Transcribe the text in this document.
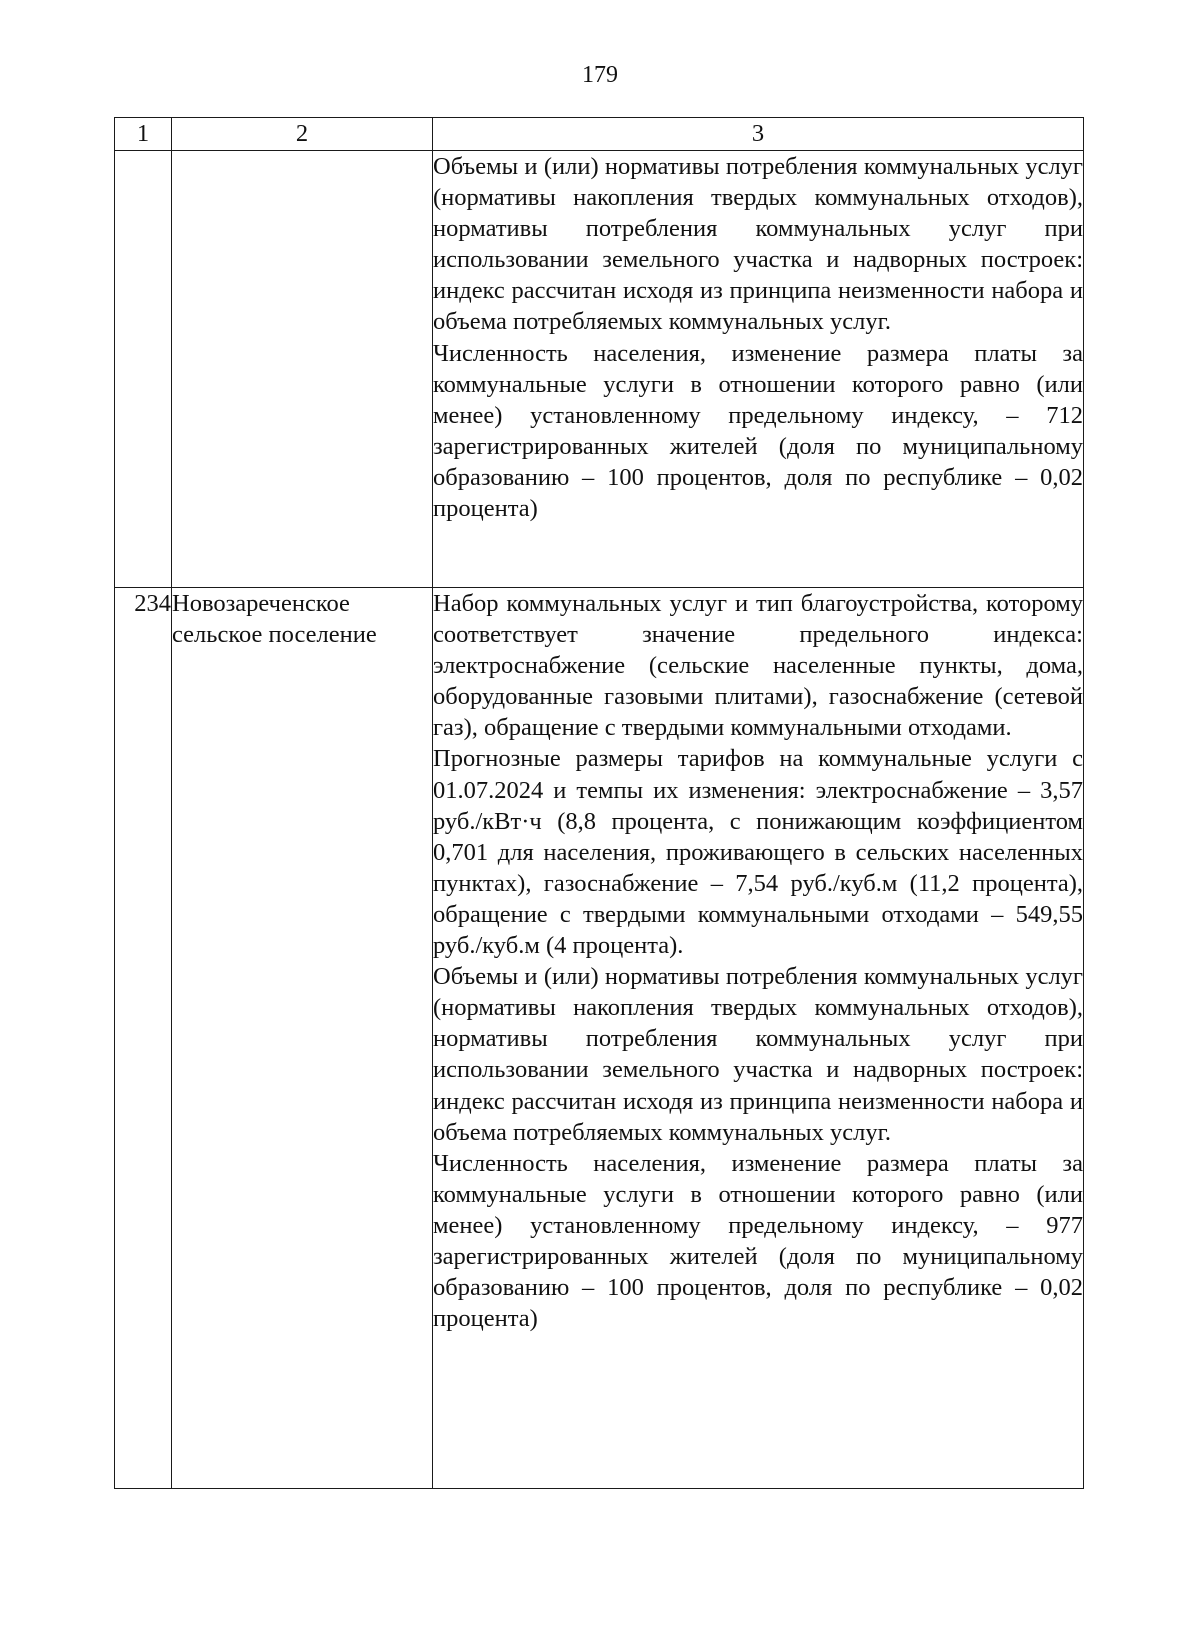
179
1	2	3

		Объемы и (или) нормативы потребления коммунальных услуг (нормативы накопления твердых коммунальных отходов), нормативы потребления коммунальных услуг при использовании земельного участка и надворных построек: индекс рассчитан исходя из принципа неизменности набора и объема потребляемых коммунальных услуг.

Численность населения, изменение размера платы за коммунальные услуги в отношении которого равно (или менее) установленному предельному индексу, – 712 зарегистрированных жителей (доля по муниципальному образованию – 100 процентов, доля по республике – 0,02 процента)

234	Новозареченское сельское поселение	Набор коммунальных услуг и тип благоустройства, которому соответствует значение предельного индекса: электроснабжение (сельские населенные пункты, дома, оборудованные газовыми плитами), газоснабжение (сетевой газ), обращение с твердыми коммунальными отходами.

Прогнозные размеры тарифов на коммунальные услуги с 01.07.2024 и темпы их изменения: электроснабжение – 3,57 руб./кВт·ч (8,8 процента, с понижающим коэффициентом 0,701 для населения, проживающего в сельских населенных пунктах), газоснабжение – 7,54 руб./куб.м (11,2 процента), обращение с твердыми коммунальными отходами – 549,55 руб./куб.м (4 процента).

Объемы и (или) нормативы потребления коммунальных услуг (нормативы накопления твердых коммунальных отходов), нормативы потребления коммунальных услуг при использовании земельного участка и надворных построек: индекс рассчитан исходя из принципа неизменности набора и объема потребляемых коммунальных услуг.

Численность населения, изменение размера платы за коммунальные услуги в отношении которого равно (или менее) установленному предельному индексу, – 977 зарегистрированных жителей (доля по муниципальному образованию – 100 процентов, доля по республике – 0,02 процента)
